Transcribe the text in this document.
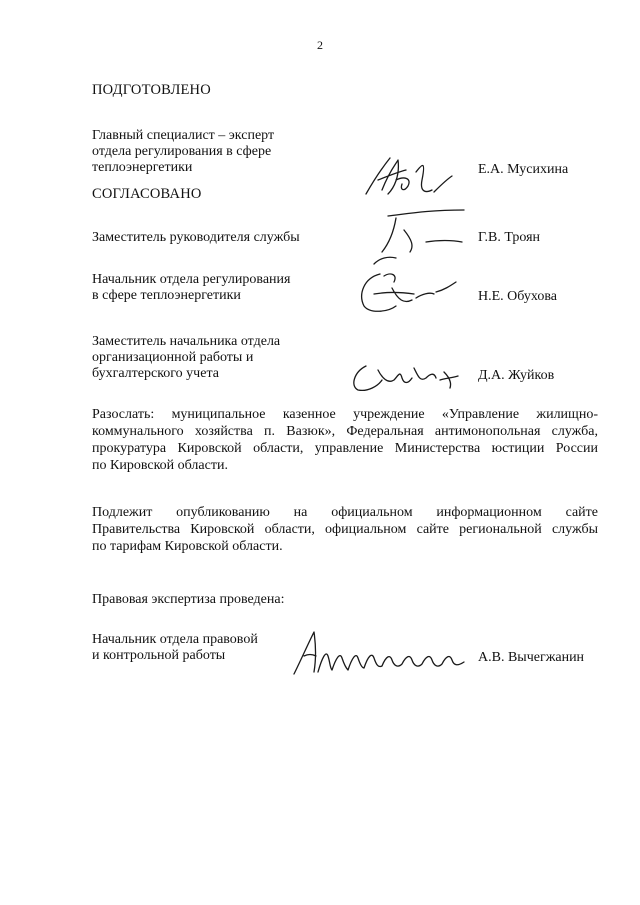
2
ПОДГОТОВЛЕНО
Главный специалист – эксперт
отдела регулирования в сфере
теплоэнергетики	Е.А. Мусихина
СОГЛАСОВАНО
Заместитель руководителя службы	Г.В. Троян
Начальник отдела регулирования
в сфере теплоэнергетики	Н.Е. Обухова
Заместитель начальника отдела
организационной работы и
бухгалтерского учета	Д.А. Жуйков
Разослать: муниципальное казенное учреждение «Управление жилищно-
коммунального хозяйства п. Вазюк», Федеральная антимонопольная служба,
прокуратура Кировской области, управление Министерства юстиции России
по Кировской области.
Подлежит опубликованию на официальном информационном сайте
Правительства Кировской области, официальном сайте региональной службы
по тарифам Кировской области.
Правовая экспертиза проведена:
Начальник отдела правовой
и контрольной работы	А.В. Вычегжанин
